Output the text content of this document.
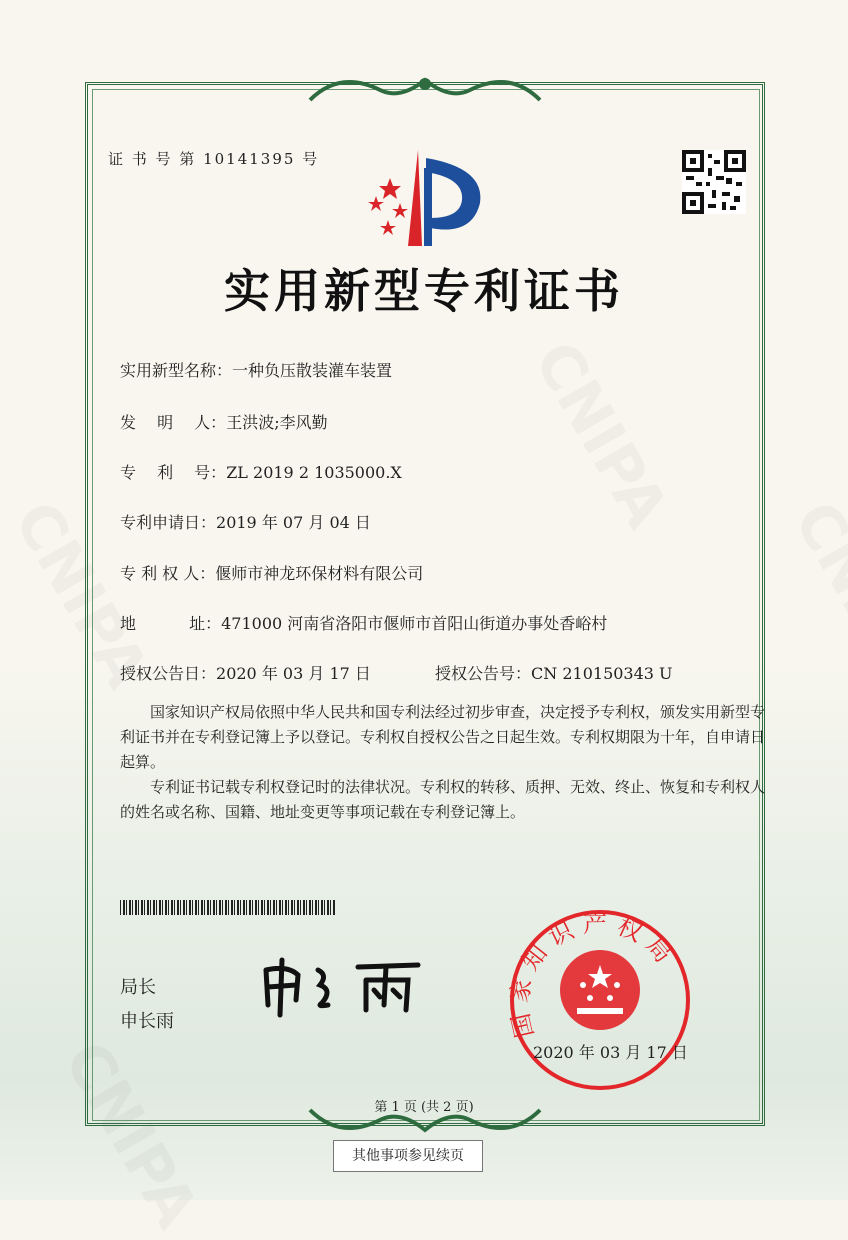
证 书 号 第 10141395 号
实用新型专利证书
实用新型名称：一种负压散装灌车装置
发　 明　 人：王洪波;李风勤
专　 利　 号：ZL 2019 2 1035000.X
专利申请日：2019 年 07 月 04 日
专 利 权 人：偃师市神龙环保材料有限公司
地　　　 址：471000 河南省洛阳市偃师市首阳山街道办事处香峪村
授权公告日：2020 年 03 月 17 日	授权公告号：CN 210150343 U

国家知识产权局依照中华人民共和国专利法经过初步审查，决定授予专利权，颁发实用新型专利证书并在专利登记簿上予以登记。专利权自授权公告之日起生效。专利权期限为十年，自申请日起算。

专利证书记载专利权登记时的法律状况。专利权的转移、质押、无效、终止、恢复和专利权人的姓名或名称、国籍、地址变更等事项记载在专利登记簿上。

局长
申长雨	国家知识产权局
2020 年 03 月 17 日
第 1 页 (共 2 页)
其他事项参见续页
